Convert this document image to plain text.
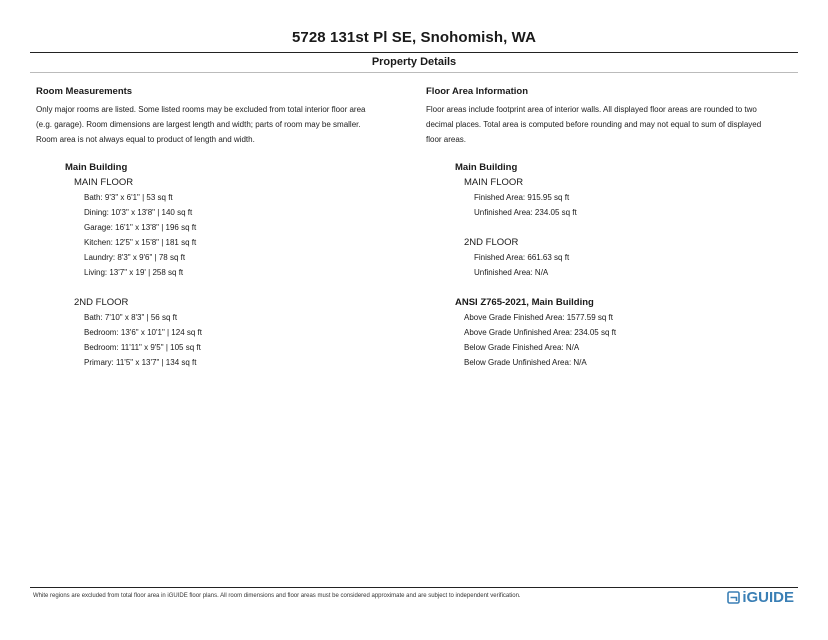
5728 131st Pl SE, Snohomish, WA
Property Details
Room Measurements
Only major rooms are listed. Some listed rooms may be excluded from total interior floor area
(e.g. garage). Room dimensions are largest length and width; parts of room may be smaller.
Room area is not always equal to product of length and width.
Main Building
MAIN FLOOR
Bath: 9'3" x 6'1" | 53 sq ft
Dining: 10'3" x 13'8" | 140 sq ft
Garage: 16'1" x 13'8" | 196 sq ft
Kitchen: 12'5" x 15'8" | 181 sq ft
Laundry: 8'3" x 9'6" | 78 sq ft
Living: 13'7" x 19' | 258 sq ft
2ND FLOOR
Bath: 7'10" x 8'3" | 56 sq ft
Bedroom: 13'6" x 10'1" | 124 sq ft
Bedroom: 11'11" x 9'5" | 105 sq ft
Primary: 11'5" x 13'7" | 134 sq ft
Floor Area Information
Floor areas include footprint area of interior walls. All displayed floor areas are rounded to two
decimal places. Total area is computed before rounding and may not equal to sum of displayed
floor areas.
Main Building
MAIN FLOOR
Finished Area: 915.95 sq ft
Unfinished Area: 234.05 sq ft
2ND FLOOR
Finished Area: 661.63 sq ft
Unfinished Area: N/A
ANSI Z765-2021, Main Building
Above Grade Finished Area: 1577.59 sq ft
Above Grade Unfinished Area: 234.05 sq ft
Below Grade Finished Area: N/A
Below Grade Unfinished Area: N/A
White regions are excluded from total floor area in iGUIDE floor plans. All room dimensions and floor areas must be considered approximate and are subject to independent verification.	iGUIDE
